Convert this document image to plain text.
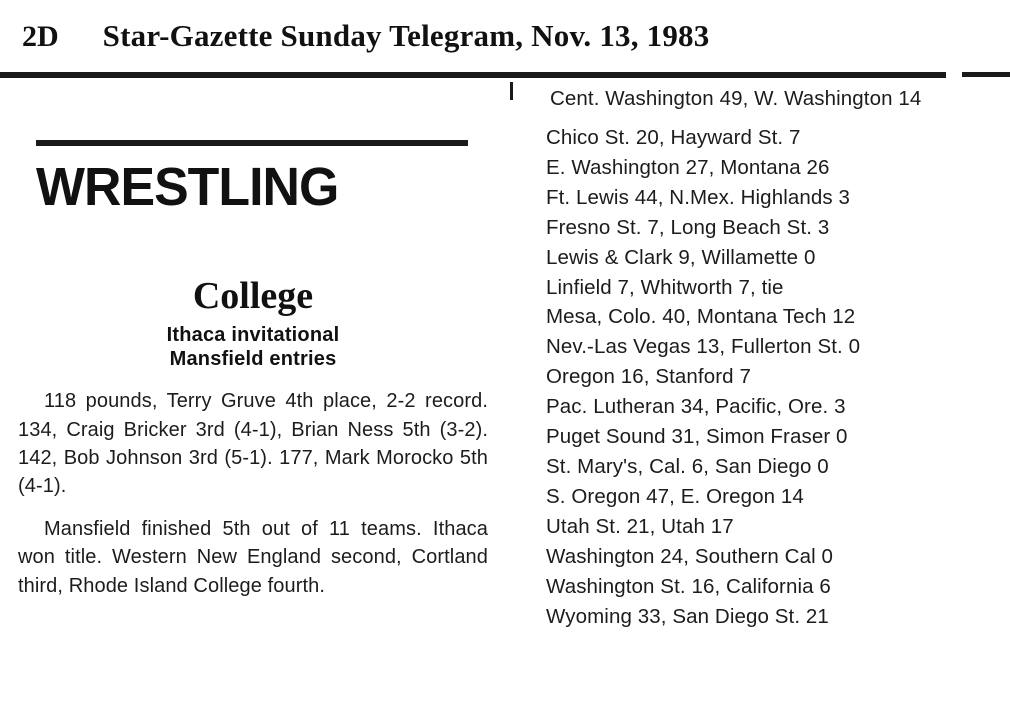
2D Star-Gazette Sunday Telegram, Nov. 13, 1983
WRESTLING
College
Ithaca invitational
Mansfield entries

118 pounds, Terry Gruve 4th place, 2-2 record. 134, Craig Bricker 3rd (4-1), Brian Ness 5th (3-2). 142, Bob Johnson 3rd (5-1). 177, Mark Morocko 5th (4-1).

Mansfield finished 5th out of 11 teams. Ithaca won title. Western New England second, Cortland third, Rhode Island College fourth.

Cent. Washington 49, W. Washington 14
Chico St. 20, Hayward St. 7
E. Washington 27, Montana 26
Ft. Lewis 44, N.Mex. Highlands 3
Fresno St. 7, Long Beach St. 3
Lewis & Clark 9, Willamette 0
Linfield 7, Whitworth 7, tie
Mesa, Colo. 40, Montana Tech 12
Nev.-Las Vegas 13, Fullerton St. 0
Oregon 16, Stanford 7
Pac. Lutheran 34, Pacific, Ore. 3
Puget Sound 31, Simon Fraser 0
St. Mary's, Cal. 6, San Diego 0
S. Oregon 47, E. Oregon 14
Utah St. 21, Utah 17
Washington 24, Southern Cal 0
Washington St. 16, California 6
Wyoming 33, San Diego St. 21
